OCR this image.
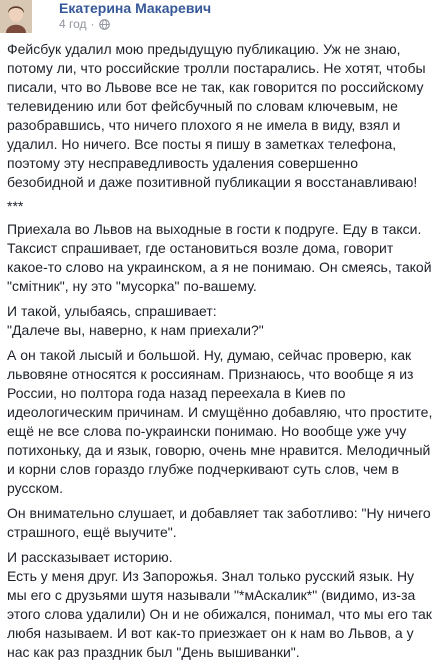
Екатерина Макаревич
4 год ·

Фейсбук удалил мою предыдущую публикацию. Уж не знаю, потому ли, что российские тролли постарались. Не хотят, чтобы писали, что во Львове все не так, как говорится по российскому телевидению или бот фейсбучный по словам ключевым, не разобравшись, что ничего плохого я не имела в виду, взял и удалил. Но ничего. Все посты я пишу в заметках телефона, поэтому эту несправедливость удаления совершенно безобидной и даже позитивной публикации я восстанавливаю!

***

Приехала во Львов на выходные в гости к подруге. Еду в такси. Таксист спрашивает, где остановиться возле дома, говорит какое-то слово на украинском, а я не понимаю. Он смеясь, такой "смітник", ну это "мусорка" по-вашему.

И такой, улыбаясь, спрашивает:
"Далече вы, наверно, к нам приехали?"

А он такой лысый и большой. Ну, думаю, сейчас проверю, как львовяне относятся к россиянам. Признаюсь, что вообще я из России, но полтора года назад переехала в Киев по идеологическим причинам. И смущённо добавляю, что простите, ещё не все слова по-украински понимаю. Но вообще уже учу потихоньку, да и язык, говорю, очень мне нравится. Мелодичный и корни слов гораздо глубже подчеркивают суть слов, чем в русском.

Он внимательно слушает, и добавляет так заботливо: "Ну ничего страшного, ещё выучите".

И рассказывает историю.
Есть у меня друг. Из Запорожья. Знал только русский язык. Ну мы его с друзьями шутя называли "*мАскалик*" (видимо, из-за этого слова удалили) Он и не обижался, понимал, что мы его так любя называем. И вот как-то приезжает он к нам во Львов, а у нас как раз праздник был "День вышиванки".
